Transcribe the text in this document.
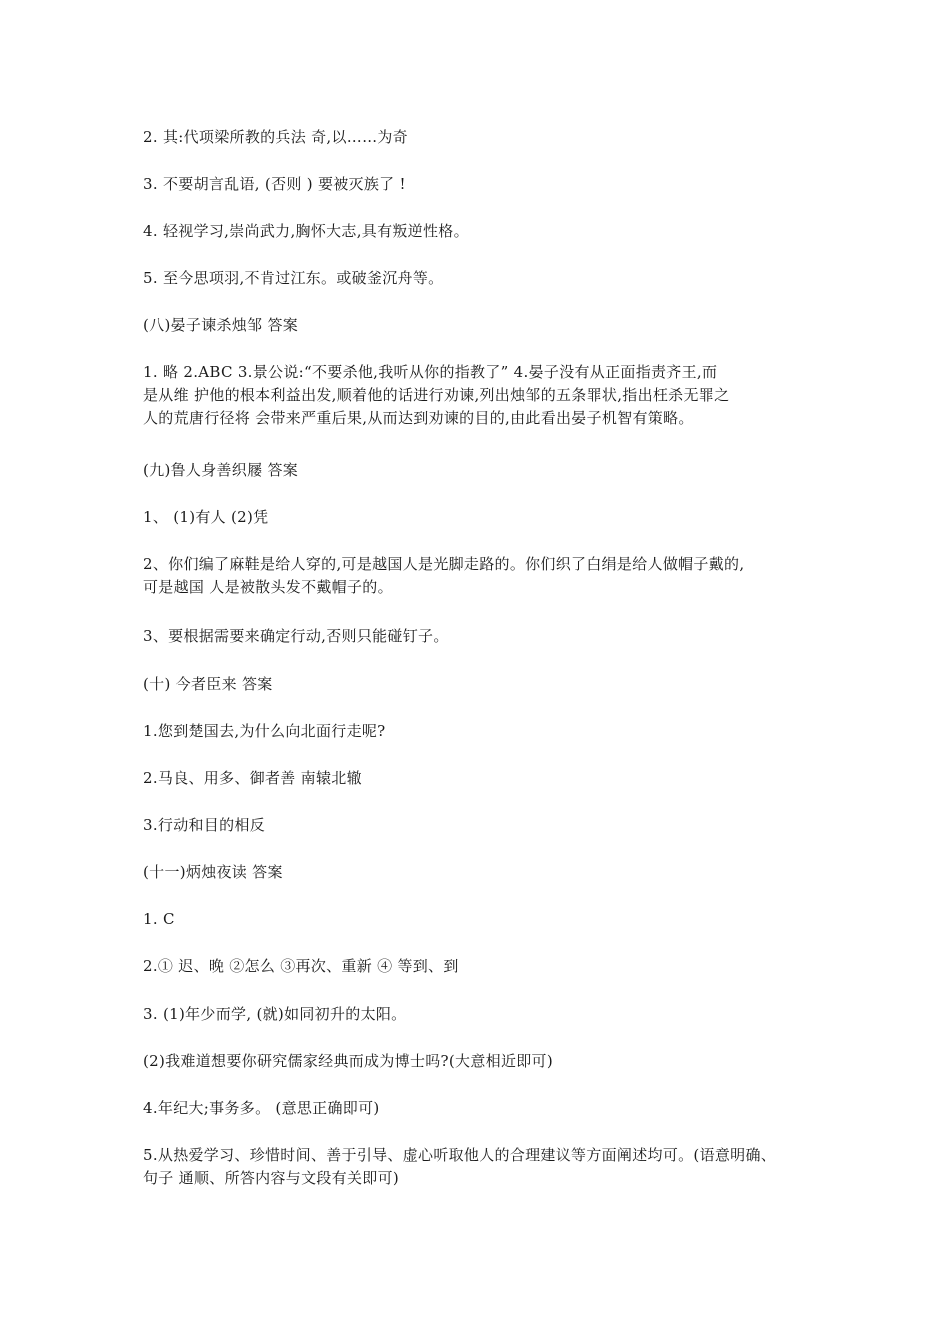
2. 其:代项梁所教的兵法 奇,以……为奇
3. 不要胡言乱语, (否则 ) 要被灭族了 !
4. 轻视学习,崇尚武力,胸怀大志,具有叛逆性格。
5. 至今思项羽,不肯过江东。或破釜沉舟等。
(八)晏子谏杀烛邹 答案
1. 略 2.ABC 3.景公说:“不要杀他,我听从你的指教了” 4.晏子没有从正面指责齐王,而
是从维 护他的根本利益出发,顺着他的话进行劝谏,列出烛邹的五条罪状,指出枉杀无罪之
人的荒唐行径将 会带来严重后果,从而达到劝谏的目的,由此看出晏子机智有策略。
(九)鲁人身善织屦 答案
1、 (1)有人 (2)凭
2、你们编了麻鞋是给人穿的,可是越国人是光脚走路的。你们织了白绢是给人做帽子戴的,
可是越国 人是被散头发不戴帽子的。
3、要根据需要来确定行动,否则只能碰钉子。
(十) 今者臣来 答案
1.您到楚国去,为什么向北面行走呢?
2.马良、用多、御者善 南辕北辙
3.行动和目的相反
(十一)炳烛夜读 答案
1. C
2.① 迟、晚 ②怎么 ③再次、重新 ④ 等到、到
3. (1)年少而学, (就)如同初升的太阳。
(2)我难道想要你研究儒家经典而成为博士吗?(大意相近即可)
4.年纪大;事务多。 (意思正确即可)
5.从热爱学习、珍惜时间、善于引导、虚心听取他人的合理建议等方面阐述均可。(语意明确、
句子 通顺、所答内容与文段有关即可)
